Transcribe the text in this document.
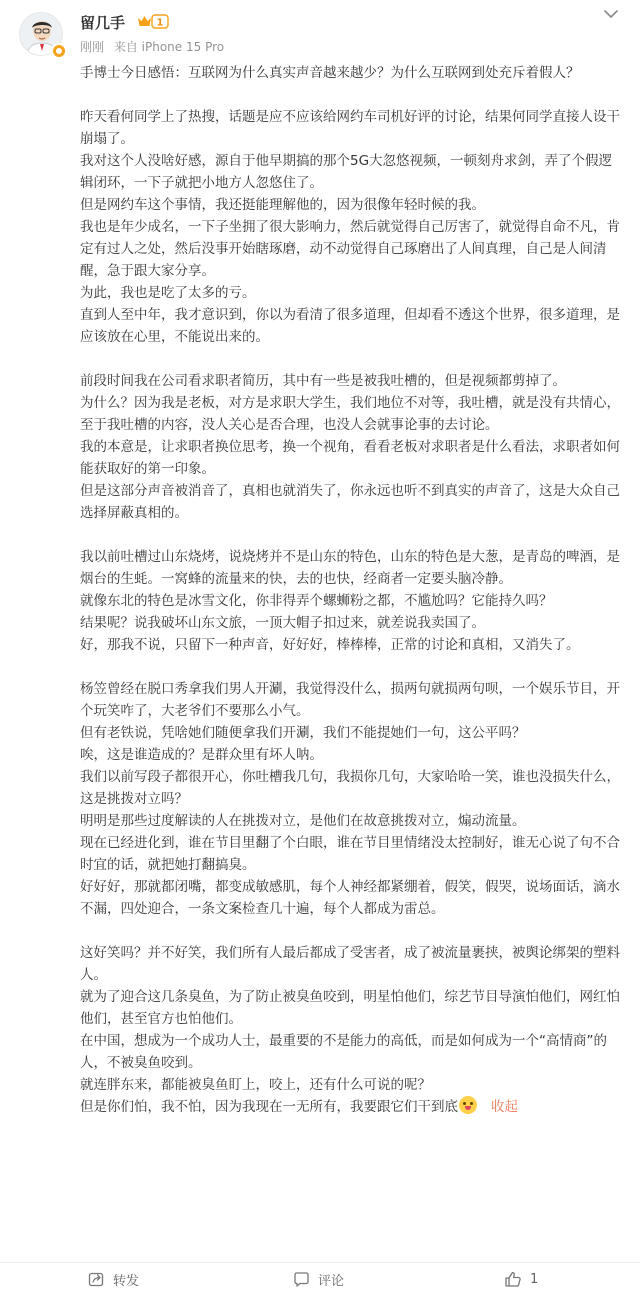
留几手	1
刚刚 来自 iPhone 15 Pro

手博士今日感悟：互联网为什么真实声音越来越少？为什么互联网到处充斥着假人？

昨天看何同学上了热搜，话题是应不应该给网约车司机好评的讨论，结果何同学直接人设干崩塌了。

我对这个人没啥好感，源自于他早期搞的那个5G大忽悠视频，一顿刻舟求剑，弄了个假逻辑闭环，一下子就把小地方人忽悠住了。

但是网约车这个事情，我还挺能理解他的，因为很像年轻时候的我。

我也是年少成名，一下子坐拥了很大影响力，然后就觉得自己厉害了，就觉得自命不凡，肯定有过人之处，然后没事开始瞎琢磨，动不动觉得自己琢磨出了人间真理，自己是人间清醒，急于跟大家分享。

为此，我也是吃了太多的亏。

直到人至中年，我才意识到，你以为看清了很多道理，但却看不透这个世界，很多道理，是应该放在心里，不能说出来的。

前段时间我在公司看求职者简历，其中有一些是被我吐槽的，但是视频都剪掉了。

为什么？因为我是老板，对方是求职大学生，我们地位不对等，我吐槽，就是没有共情心，至于我吐槽的内容，没人关心是否合理，也没人会就事论事的去讨论。

我的本意是，让求职者换位思考，换一个视角，看看老板对求职者是什么看法，求职者如何能获取好的第一印象。

但是这部分声音被消音了，真相也就消失了，你永远也听不到真实的声音了，这是大众自己选择屏蔽真相的。

我以前吐槽过山东烧烤，说烧烤并不是山东的特色，山东的特色是大葱，是青岛的啤酒，是烟台的生蚝。一窝蜂的流量来的快，去的也快，经商者一定要头脑冷静。

就像东北的特色是冰雪文化，你非得弄个螺蛳粉之都，不尴尬吗？它能持久吗？

结果呢？说我破坏山东文旅，一顶大帽子扣过来，就差说我卖国了。

好，那我不说，只留下一种声音，好好好，棒棒棒，正常的讨论和真相，又消失了。

杨笠曾经在脱口秀拿我们男人开涮，我觉得没什么，损两句就损两句呗，一个娱乐节目，开个玩笑咋了，大老爷们不要那么小气。

但有老铁说，凭啥她们随便拿我们开涮，我们不能提她们一句，这公平吗？

唉，这是谁造成的？是群众里有坏人呐。

我们以前写段子都很开心，你吐槽我几句，我损你几句，大家哈哈一笑，谁也没损失什么，这是挑拨对立吗？

明明是那些过度解读的人在挑拨对立，是他们在故意挑拨对立，煽动流量。

现在已经进化到，谁在节目里翻了个白眼，谁在节目里情绪没太控制好，谁无心说了句不合时宜的话，就把她打翻搞臭。

好好好，那就都闭嘴，都变成敏感肌，每个人神经都紧绷着，假笑，假哭，说场面话，滴水不漏，四处迎合，一条文案检查几十遍，每个人都成为雷总。

这好笑吗？并不好笑，我们所有人最后都成了受害者，成了被流量裹挟，被舆论绑架的塑料人。

就为了迎合这几条臭鱼，为了防止被臭鱼咬到，明星怕他们，综艺节目导演怕他们，网红怕他们，甚至官方也怕他们。

在中国，想成为一个成功人士，最重要的不是能力的高低，而是如何成为一个“高情商”的人，不被臭鱼咬到。

就连胖东来，都能被臭鱼盯上，咬上，还有什么可说的呢？

但是你们怕，我不怕，因为我现在一无所有，我要跟它们干到底 收起

转发	评论	1
